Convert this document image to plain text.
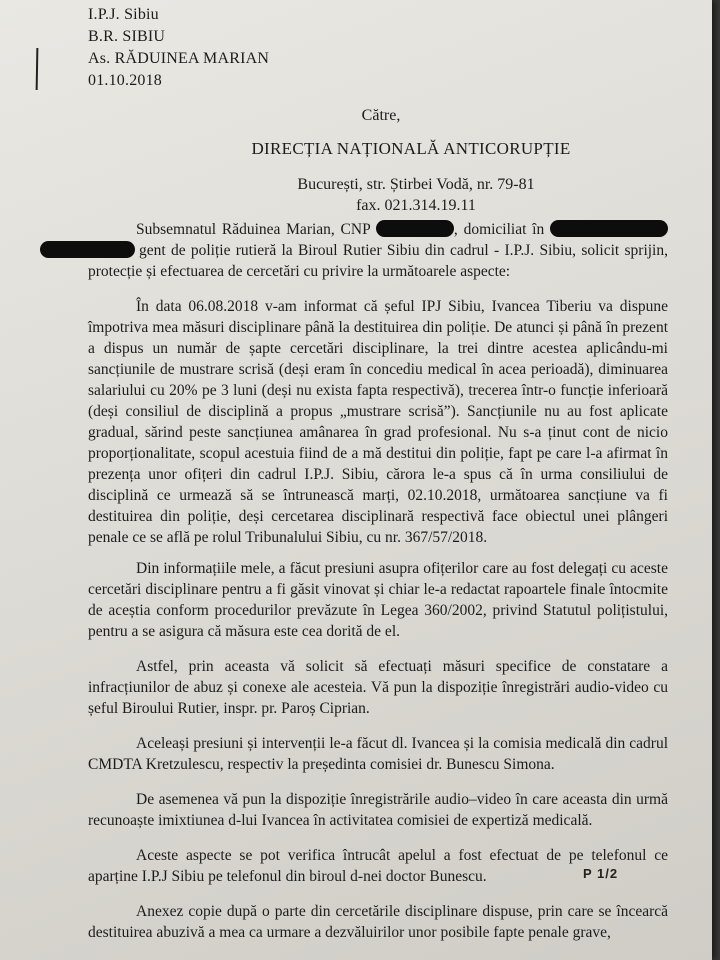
I.P.J. Sibiu
B.R. SIBIU
As. RĂDUINEA MARIAN
01.10.2018
Către,
DIRECȚIA NAȚIONALĂ ANTICORUPȚIE
București, str. Știrbei Vodă, nr. 79-81
fax. 021.314.19.11

Subsemnatul Răduinea Marian, CNP	, domiciliat în  gent de poliție rutieră la Biroul Rutier Sibiu din cadrul - I.P.J. Sibiu, solicit sprijin, protecție și efectuarea de cercetări cu privire la următoarele aspecte:

În data 06.08.2018 v-am informat că șeful IPJ Sibiu, Ivancea Tiberiu va dispune împotriva mea măsuri disciplinare până la destituirea din poliție. De atunci și până în prezent a dispus un număr de șapte cercetări disciplinare, la trei dintre acestea aplicându-mi sancțiunile de mustrare scrisă (deși eram în concediu medical în acea perioadă), diminuarea salariului cu 20% pe 3 luni (deși nu exista fapta respectivă), trecerea într-o funcție inferioară (deși consiliul de disciplină a propus „mustrare scrisă”). Sancțiunile nu au fost aplicate gradual, sărind peste sancțiunea amânarea în grad profesional. Nu s-a ținut cont de nicio proporționalitate, scopul acestuia fiind de a mă destitui din poliție, fapt pe care l-a afirmat în prezența unor ofițeri din cadrul I.P.J. Sibiu, cărora le-a spus că în urma consiliului de disciplină ce urmează să se întrunească marți, 02.10.2018, următoarea sancțiune va fi destituirea din poliție, deși cercetarea disciplinară respectivă face obiectul unei plângeri penale ce se află pe rolul Tribunalului Sibiu, cu nr. 367/57/2018.

Din informațiile mele, a făcut presiuni asupra ofițerilor care au fost delegați cu aceste cercetări disciplinare pentru a fi găsit vinovat și chiar le-a redactat rapoartele finale întocmite de aceștia conform procedurilor prevăzute în Legea 360/2002, privind Statutul polițistului, pentru a se asigura că măsura este cea dorită de el.

Astfel, prin aceasta vă solicit să efectuați măsuri specifice de constatare a infracțiunilor de abuz și conexe ale acesteia. Vă pun la dispoziție înregistrări audio-video cu șeful Biroului Rutier, inspr. pr. Paroș Ciprian.

Aceleași presiuni și intervenții le-a făcut dl. Ivancea și la comisia medicală din cadrul CMDTA Kretzulescu, respectiv la președinta comisiei dr. Bunescu Simona.

De asemenea vă pun la dispoziție înregistrările audio–video în care aceasta din urmă recunoaște imixtiunea d-lui Ivancea în activitatea comisiei de expertiză medicală.

Aceste aspecte se pot verifica întrucât apelul a fost efectuat de pe telefonul ce aparține I.P.J Sibiu pe telefonul din biroul d-nei doctor Bunescu.

Anexez copie după o parte din cercetările disciplinare dispuse, prin care se încearcă destituirea abuzivă a mea ca urmare a dezvăluirilor unor posibile fapte penale grave,

P 1/2
